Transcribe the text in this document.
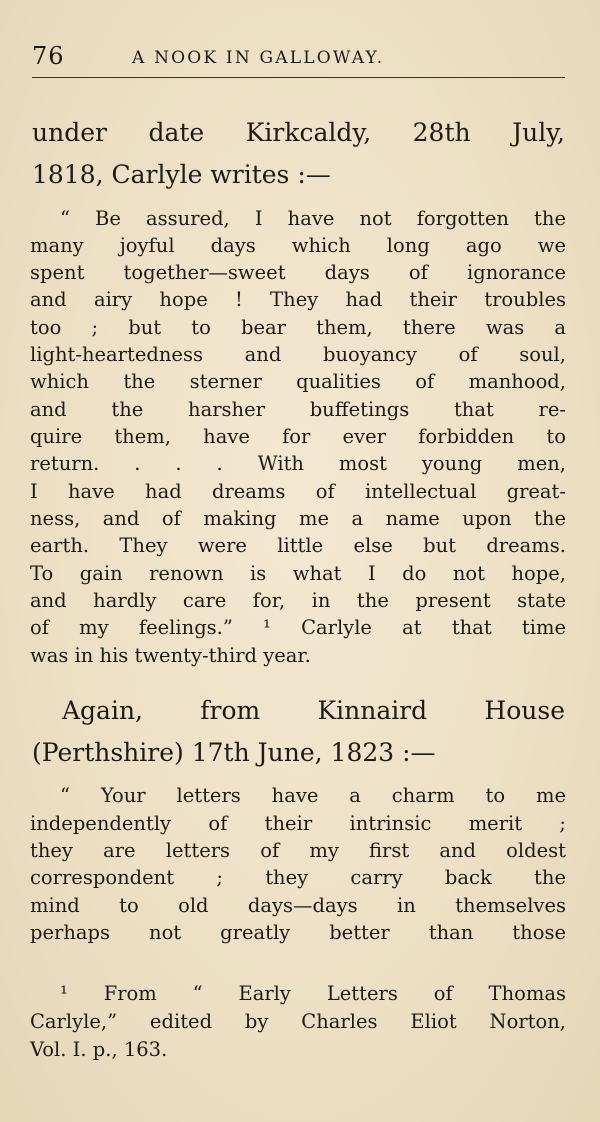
76	A NOOK IN GALLOWAY.
under date Kirkcaldy, 28th July,
1818, Carlyle writes :—
“ Be assured, I have not forgotten the
many joyful days which long ago we
spent together—sweet days of ignorance
and airy hope ! They had their troubles
too ; but to bear them, there was a
light-heartedness and buoyancy of soul,
which the sterner qualities of manhood,
and the harsher buffetings that re-
quire them, have for ever forbidden to
return. . . . With most young men,
I have had dreams of intellectual great-
ness, and of making me a name upon the
earth. They were little else but dreams.
To gain renown is what I do not hope,
and hardly care for, in the present state
of my feelings.” ¹ Carlyle at that time
was in his twenty-third year.
Again, from Kinnaird House
(Perthshire) 17th June, 1823 :—
“ Your letters have a charm to me
independently of their intrinsic merit ;
they are letters of my first and oldest
correspondent ; they carry back the
mind to old days—days in themselves
perhaps not greatly better than those
¹ From “ Early Letters of Thomas
Carlyle,” edited by Charles Eliot Norton,
Vol. I. p., 163.
